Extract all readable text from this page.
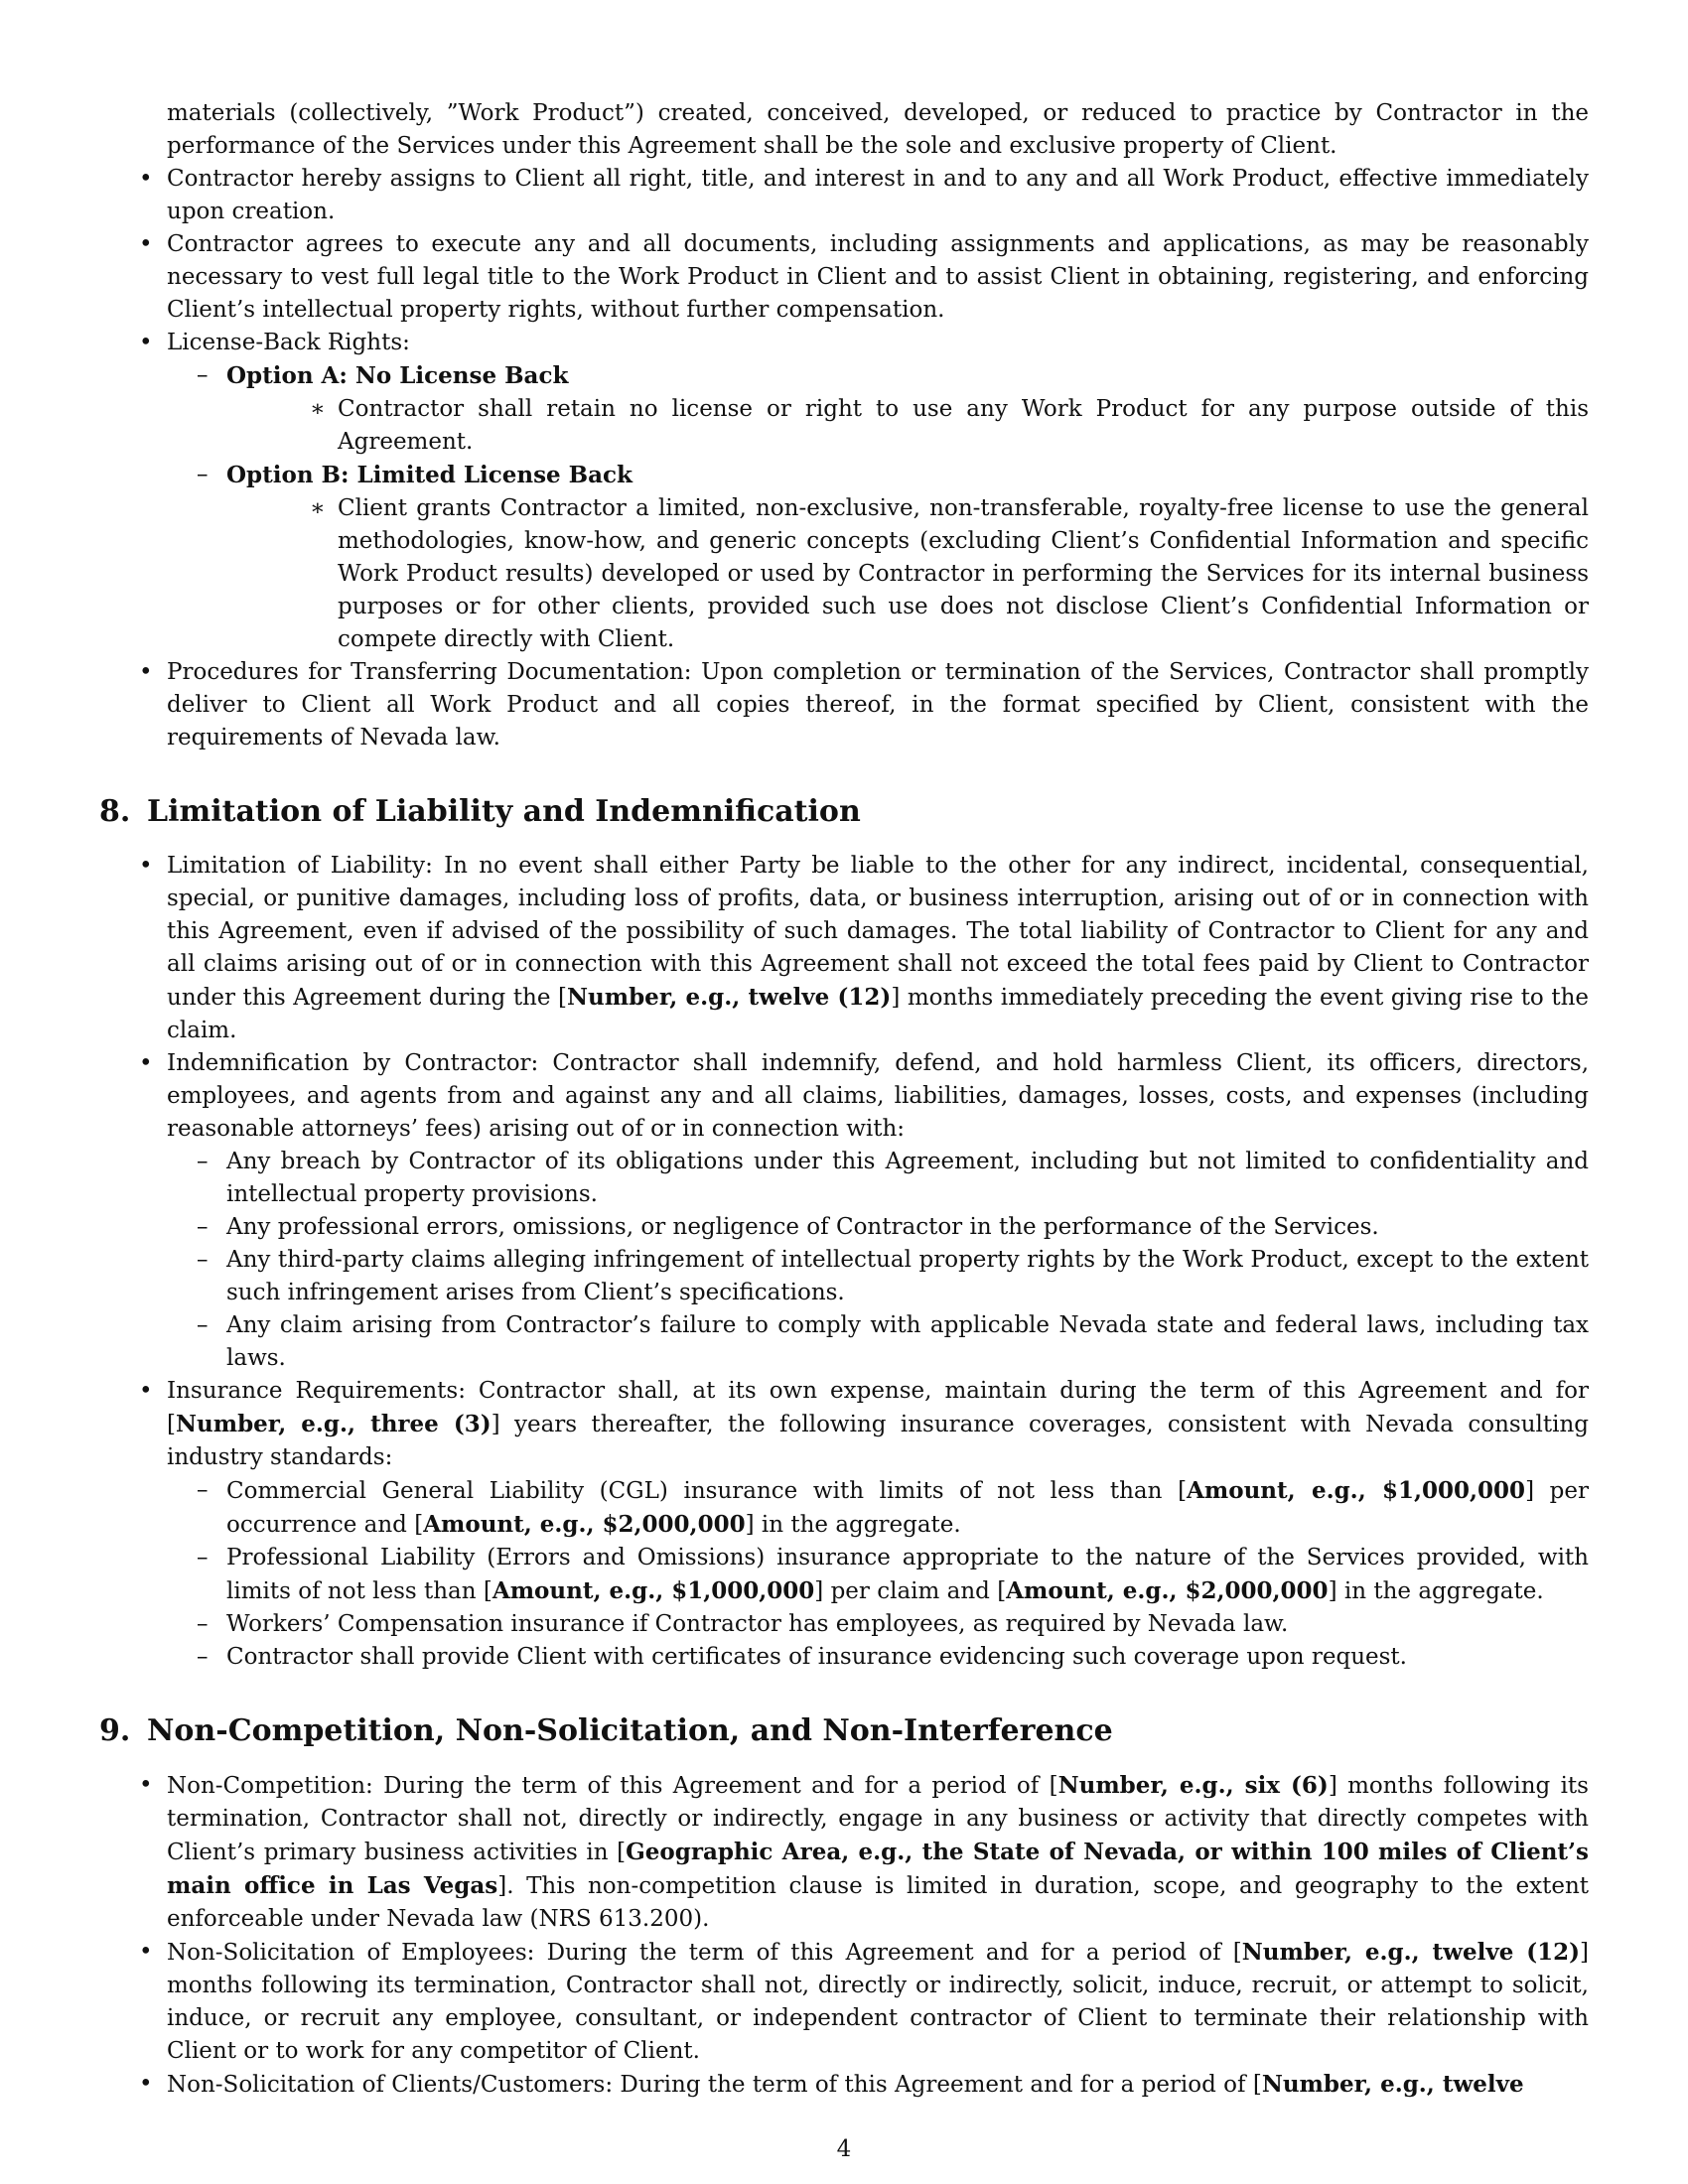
materials (collectively, ”Work Product”) created, conceived, developed, or reduced to practice by Contractor in the performance of the Services under this Agreement shall be the sole and exclusive property of Client.
• Contractor hereby assigns to Client all right, title, and interest in and to any and all Work Product, effective immediately upon creation.
• Contractor agrees to execute any and all documents, including assignments and applications, as may be reasonably necessary to vest full legal title to the Work Product in Client and to assist Client in obtaining, registering, and enforcing Client’s intellectual property rights, without further compensation.
• License-Back Rights:
– Option A: No License Back
∗ Contractor shall retain no license or right to use any Work Product for any purpose outside of this Agreement.
– Option B: Limited License Back
∗ Client grants Contractor a limited, non-exclusive, non-transferable, royalty-free license to use the general methodologies, know-how, and generic concepts (excluding Client’s Confidential Information and specific Work Product results) developed or used by Contractor in performing the Services for its internal business purposes or for other clients, provided such use does not disclose Client’s Confidential Information or compete directly with Client.
• Procedures for Transferring Documentation: Upon completion or termination of the Services, Contractor shall promptly deliver to Client all Work Product and all copies thereof, in the format specified by Client, consistent with the requirements of Nevada law.
8. Limitation of Liability and Indemnification
• Limitation of Liability: In no event shall either Party be liable to the other for any indirect, incidental, consequential, special, or punitive damages, including loss of profits, data, or business interruption, arising out of or in connection with this Agreement, even if advised of the possibility of such damages. The total liability of Contractor to Client for any and all claims arising out of or in connection with this Agreement shall not exceed the total fees paid by Client to Contractor under this Agreement during the [Number, e.g., twelve (12)] months immediately preceding the event giving rise to the claim.
• Indemnification by Contractor: Contractor shall indemnify, defend, and hold harmless Client, its officers, directors, employees, and agents from and against any and all claims, liabilities, damages, losses, costs, and expenses (including reasonable attorneys’ fees) arising out of or in connection with:
– Any breach by Contractor of its obligations under this Agreement, including but not limited to confidentiality and intellectual property provisions.
– Any professional errors, omissions, or negligence of Contractor in the performance of the Services.
– Any third-party claims alleging infringement of intellectual property rights by the Work Product, except to the extent such infringement arises from Client’s specifications.
– Any claim arising from Contractor’s failure to comply with applicable Nevada state and federal laws, including tax laws.
• Insurance Requirements: Contractor shall, at its own expense, maintain during the term of this Agreement and for [Number, e.g., three (3)] years thereafter, the following insurance coverages, consistent with Nevada consulting industry standards:
– Commercial General Liability (CGL) insurance with limits of not less than [Amount, e.g., $1,000,000] per occurrence and [Amount, e.g., $2,000,000] in the aggregate.
– Professional Liability (Errors and Omissions) insurance appropriate to the nature of the Services provided, with limits of not less than [Amount, e.g., $1,000,000] per claim and [Amount, e.g., $2,000,000] in the aggregate.
– Workers’ Compensation insurance if Contractor has employees, as required by Nevada law.
– Contractor shall provide Client with certificates of insurance evidencing such coverage upon request.
9. Non-Competition, Non-Solicitation, and Non-Interference
• Non-Competition: During the term of this Agreement and for a period of [Number, e.g., six (6)] months following its termination, Contractor shall not, directly or indirectly, engage in any business or activity that directly competes with Client’s primary business activities in [Geographic Area, e.g., the State of Nevada, or within 100 miles of Client’s main office in Las Vegas]. This non-competition clause is limited in duration, scope, and geography to the extent enforceable under Nevada law (NRS 613.200).
• Non-Solicitation of Employees: During the term of this Agreement and for a period of [Number, e.g., twelve (12)] months following its termination, Contractor shall not, directly or indirectly, solicit, induce, recruit, or attempt to solicit, induce, or recruit any employee, consultant, or independent contractor of Client to terminate their relationship with Client or to work for any competitor of Client.
• Non-Solicitation of Clients/Customers: During the term of this Agreement and for a period of [Number, e.g., twelve
4
